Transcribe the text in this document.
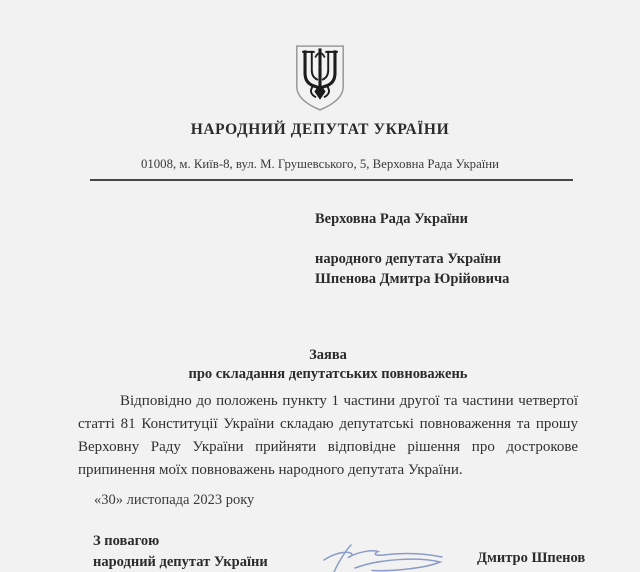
НАРОДНИЙ ДЕПУТАТ УКРАЇНИ
01008, м. Київ-8, вул. М. Грушевського, 5, Верховна Рада України
Верховна Рада України
народного депутата України
Шпенова Дмитра Юрійовича
Заява
про складання депутатських повноважень
Відповідно до положень пункту 1 частини другої та частини четвертої статті 81 Конституції України складаю депутатські повноваження та прошу Верховну Раду України прийняти відповідне рішення про дострокове припинення моїх повноважень народного депутата України.
«30» листопада 2023 року
З повагою
народний депутат України	Дмитро Шпенов
